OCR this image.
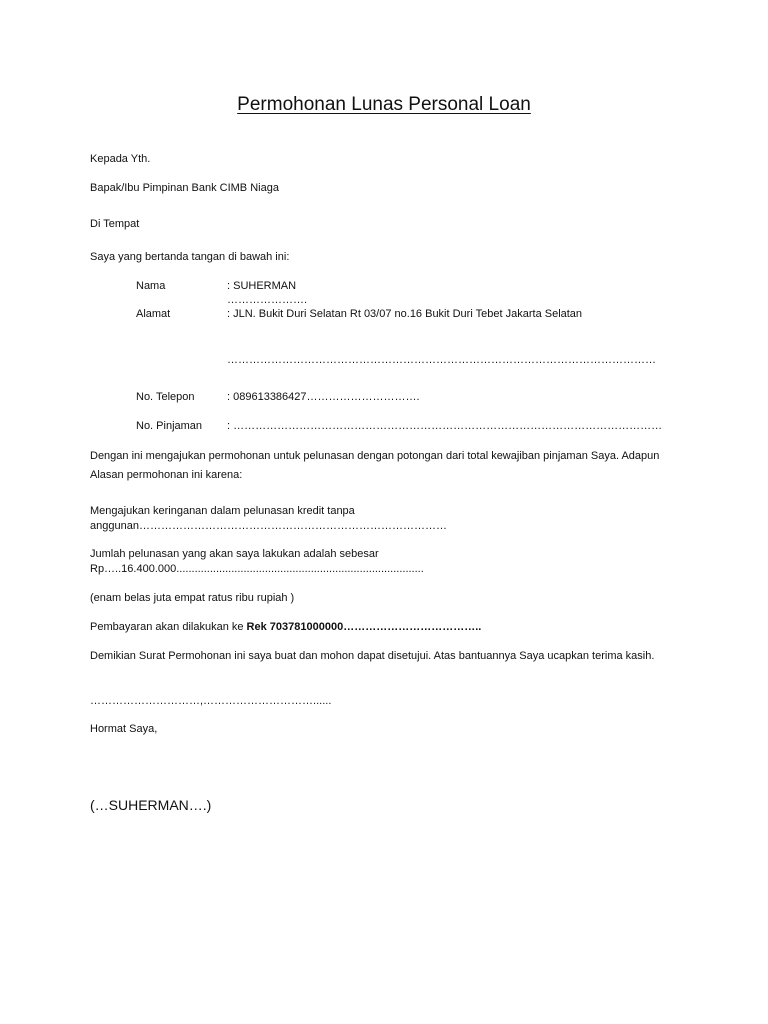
Permohonan Lunas Personal Loan
Kepada Yth.
Bapak/Ibu Pimpinan Bank CIMB Niaga
Di Tempat
Saya yang bertanda tangan di bawah ini:
Nama	: SUHERMAN
………………….
Alamat	: JLN. Bukit Duri Selatan Rt 03/07 no.16 Bukit Duri Tebet Jakarta Selatan
………………………………………………………………………………………………………
No. Telepon	: 089613386427………………………….
No. Pinjaman : ………………………………………………………………………………………………………
Dengan ini mengajukan permohonan untuk pelunasan dengan potongan dari total kewajiban pinjaman Saya. Adapun
Alasan permohonan ini karena:
Mengajukan keringanan dalam pelunasan kredit tanpa
anggunan…………………………………………………………………………
Jumlah pelunasan yang akan saya lakukan adalah sebesar
Rp…..16.400.000.................................................................................
(enam belas juta empat ratus ribu rupiah )
Pembayaran akan dilakukan ke Rek 703781000000………………………………..
Demikian Surat Permohonan ini saya buat dan mohon dapat disetujui. Atas bantuannya Saya ucapkan terima kasih.
…………………………,…………………………......
Hormat Saya,
(…SUHERMAN….)
